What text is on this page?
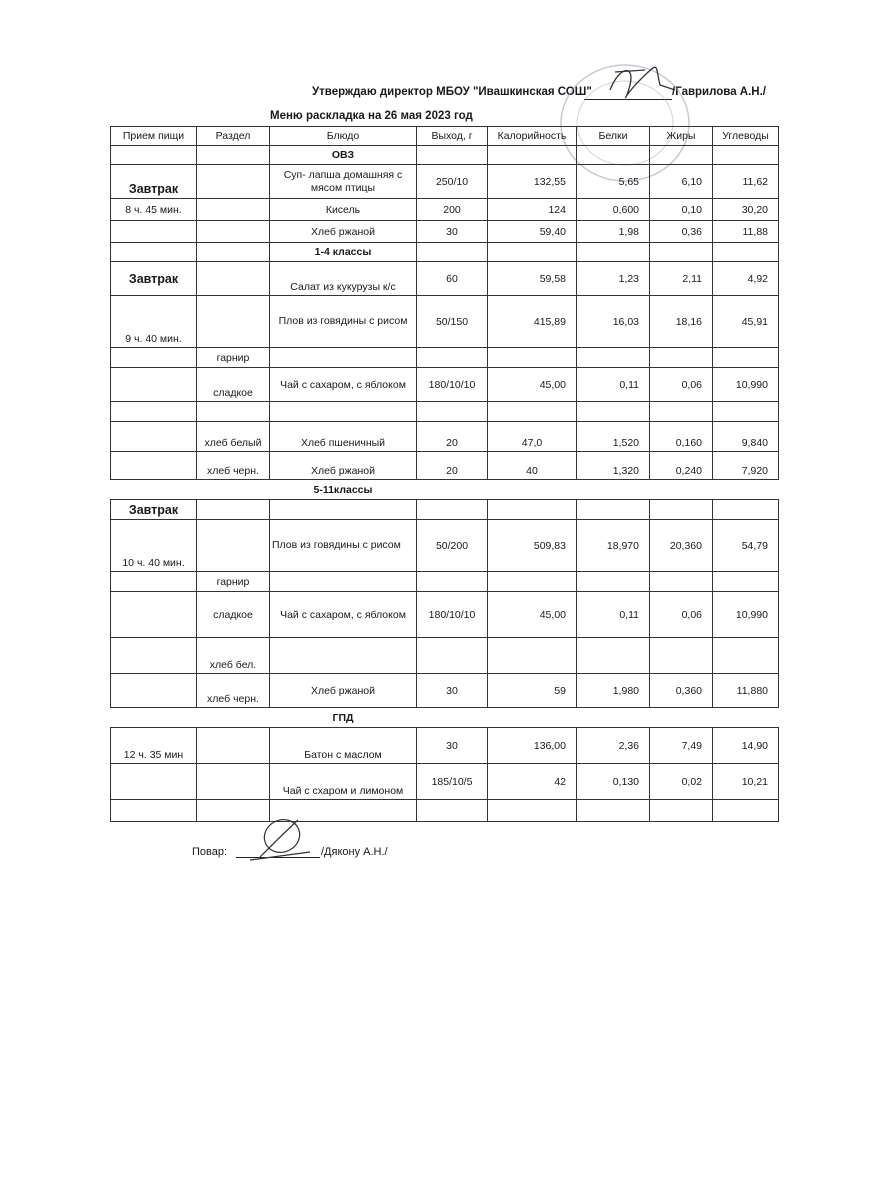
Утверждаю директор МБОУ "Ивашкинская СОШ"	/Гаврилова А.Н./
Меню раскладка на 26 мая 2023 год
Прием пищи	Раздел	Блюдо	Выход, г	Калорийность	Белки	Жиры	Углеводы
		ОВЗ					
Завтрак		Суп- лапша домашняя с мясом птицы	250/10	132,55	5,65	6,10	11,62
8 ч. 45 мин.		Кисель	200	124	0,600	0,10	30,20
		Хлеб ржаной	30	59,40	1,98	0,36	11,88
		1-4 классы					
Завтрак		Салат из кукурузы к/с	60	59,58	1,23	2,11	4,92
9 ч. 40 мин.		Плов из говядины с рисом	50/150	415,89	16,03	18,16	45,91
	гарнир						
	сладкое	Чай с сахаром, с яблоком	180/10/10	45,00	0,11	0,06	10,990

	хлеб белый	Хлеб пшеничный	20	47,0	1,520	0,160	9,840
	хлеб черн.	Хлеб ржаной	20	40	1,320	0,240	7,920
		5-11классы					
Завтрак							
10 ч. 40 мин.		Плов из говядины с рисом	50/200	509,83	18,970	20,360	54,79
	гарнир						
	сладкое	Чай с сахаром, с яблоком	180/10/10	45,00	0,11	0,06	10,990
	хлеб бел.						
	хлеб черн.	Хлеб ржаной	30	59	1,980	0,360	11,880
		ГПД					
12 ч. 35 мин		Батон с маслом	30	136,00	2,36	7,49	14,90
		Чай с схаром и лимоном	185/10/5	42	0,130	0,02	10,21

Повар:	/Дякону А.Н./
